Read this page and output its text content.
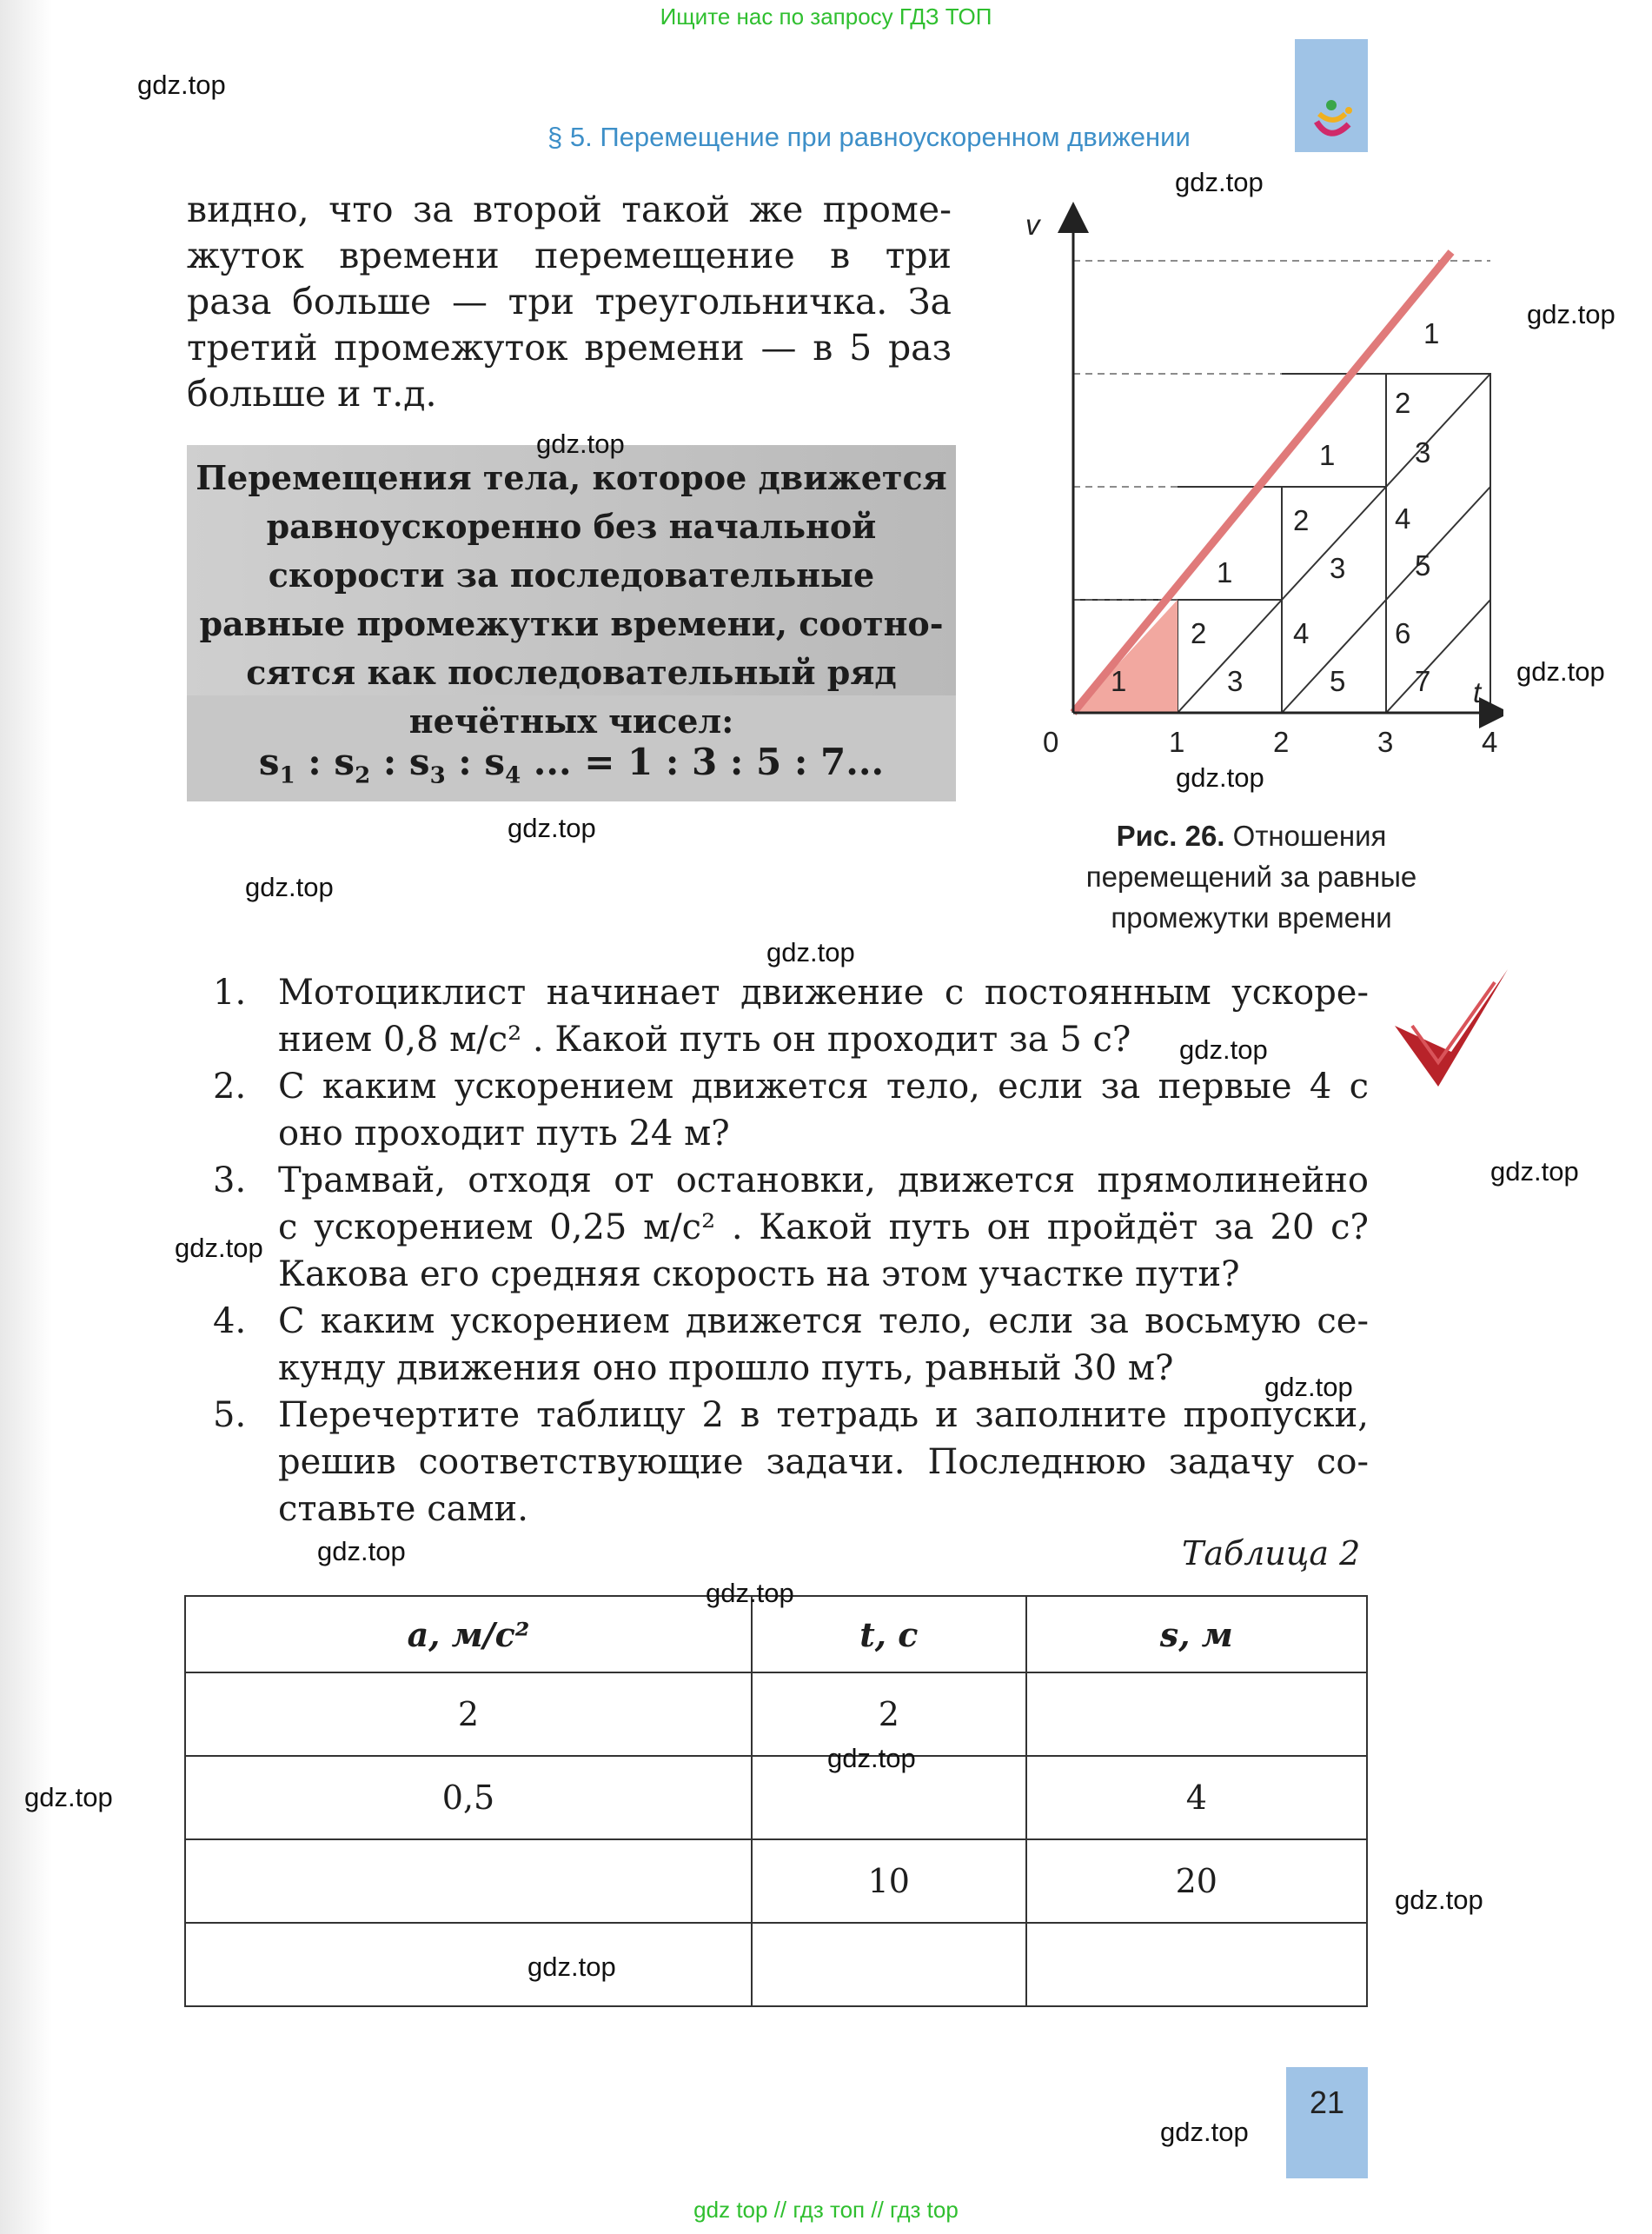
Ищите нас по запросу ГДЗ ТОП
§ 5. Перемещение при равноускоренном движении
видно, что за второй такой же проме-
жуток времени перемещение в три
раза больше — три треугольничка. За
третий промежуток времени — в 5 раз
больше и т.д.
Перемещения тела, которое движется
равноускоренно без начальной
скорости за последовательные
равные промежутки времени, соотно-
сятся как последовательный ряд
нечётных чисел:
$s_1$ : $s_2$ : $s_3$ : $s_4$ ... = 1 : 3 : 5 : 7...
v
t
0	1	2	3	4
1
1
2
3
1
2
3
4
5
1
2
3
4
5
6
7
Рис. 26. Отношения перемещений за равные промежутки времени
1. Мотоциклист начинает движение с постоянным ускоре-
нием 0,8 м/с² . Какой путь он проходит за 5 с?
2. С каким ускорением движется тело, если за первые 4 с
оно проходит путь 24 м?
3. Трамвай, отходя от остановки, движется прямолинейно
с ускорением 0,25 м/с² . Какой путь он пройдёт за 20 с?
Какова его средняя скорость на этом участке пути?
4. С каким ускорением движется тело, если за восьмую се-
кунду движения оно прошло путь, равный 30 м?
5. Перечертите таблицу 2 в тетрадь и заполните пропуски,
решив соответствующие задачи. Последнюю задачу со-
ставьте сами.
Таблица 2
a, м/с²	t, с	s, м
2	2	
0,5		4
	10	20

21
gdz.top
gdz.top
gdz.top
gdz.top
gdz.top
gdz.top
gdz.top
gdz.top
gdz.top
gdz.top
gdz.top
gdz.top
gdz.top
gdz.top
gdz.top
gdz.top
gdz.top
gdz.top
gdz.top
gdz.top
gdz top // гдз топ // гдз top
